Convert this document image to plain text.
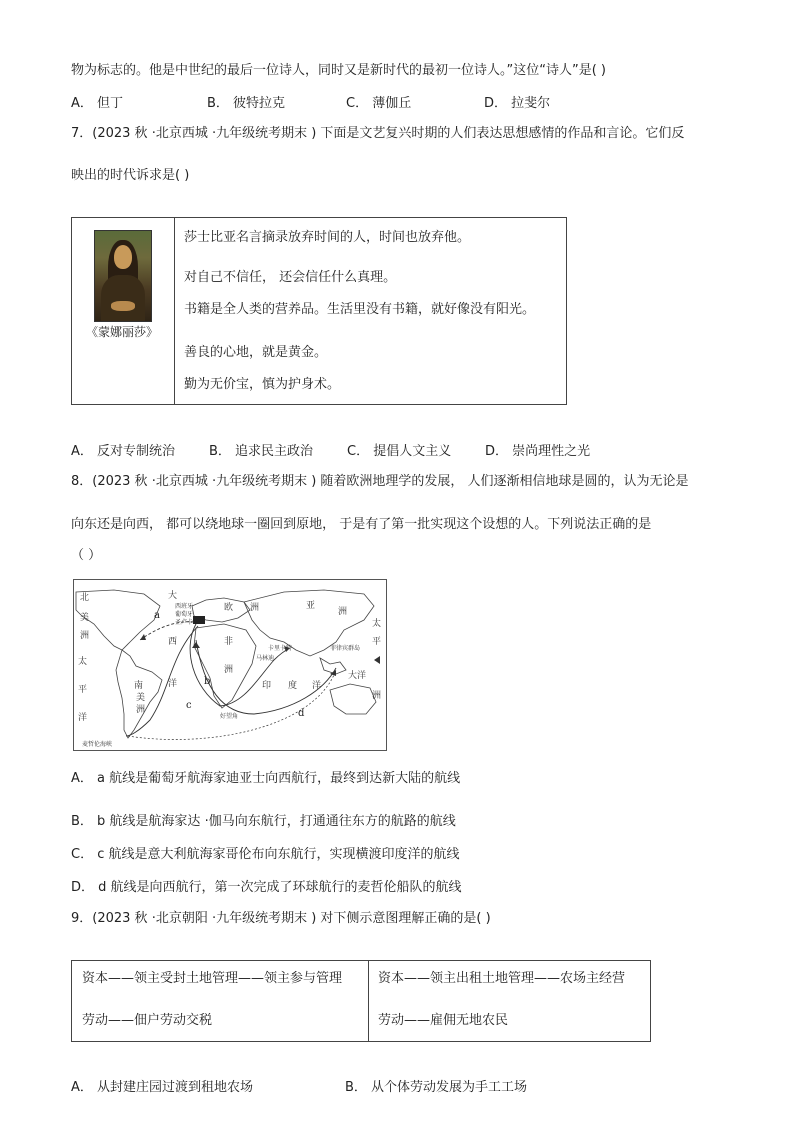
物为标志的。他是中世纪的最后一位诗人，同时又是新时代的最初一位诗人。”这位“诗人”是( )
A． 但丁	B． 彼特拉克	C． 薄伽丘	D． 拉斐尔
7．(2023 秋 ·北京西城 ·九年级统考期末 ) 下面是文艺复兴时期的人们表达思想感情的作品和言论。它们反
映出的时代诉求是( )
《蒙娜丽莎》
莎士比亚名言摘录放弃时间的人，时间也放弃他。
对自己不信任， 还会信任什么真理。
书籍是全人类的营养品。生活里没有书籍，就好像没有阳光。
善良的心地，就是黄金。
勤为无价宝，慎为护身术。
A． 反对专制统治	B． 追求民主政治	C． 提倡人文主义	D． 崇尚理性之光
8．(2023 秋 ·北京西城 ·九年级统考期末 ) 随着欧洲地理学的发展， 人们逐渐相信地球是圆的，认为无论是
向东还是向西， 都可以绕地球一圈回到原地， 于是有了第一批实现这个设想的人。下列说法正确的是
（ ）
北
美
洲
太
平
洋
南
美
洲
大
西
洋
欧 洲
非
洲
亚
洲
太
平
印 度 洋
大洋
洲
西班牙
葡萄牙
圣卢卡
马林迪
卡里卡特	菲律宾群岛
好望角
麦哲伦海峡
a
b
c
d
A． a 航线是葡萄牙航海家迪亚士向西航行，最终到达新大陆的航线
B． b 航线是航海家达 ·伽马向东航行，打通通往东方的航路的航线
C． c 航线是意大利航海家哥伦布向东航行，实现横渡印度洋的航线
D． d 航线是向西航行，第一次完成了环球航行的麦哲伦船队的航线
9．(2023 秋 ·北京朝阳 ·九年级统考期末 ) 对下侧示意图理解正确的是( )
资本——领主受封土地管理——领主参与管理
劳动——佃户劳动交税
资本——领主出租土地管理——农场主经营
劳动——雇佣无地农民
A． 从封建庄园过渡到租地农场	B． 从个体劳动发展为手工工场
